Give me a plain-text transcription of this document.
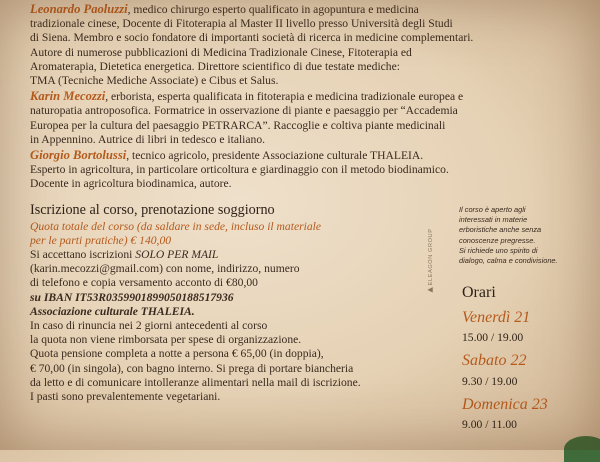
Leonardo Paoluzzi, medico chirurgo esperto qualificato in agopuntura e medicina
tradizionale cinese, Docente di Fitoterapia al Master II livello presso Università degli Studi
di Siena. Membro e socio fondatore di importanti società di ricerca in medicine complementari.
Autore di numerose pubblicazioni di Medicina Tradizionale Cinese, Fitoterapia ed
Aromaterapia, Dietetica energetica. Direttore scientifico di due testate mediche:
TMA (Tecniche Mediche Associate) e Cibus et Salus.
Karin Mecozzi, erborista, esperta qualificata in fitoterapia e medicina tradizionale europea e
naturopatia antroposofica. Formatrice in osservazione di piante e paesaggio per “Accademia
Europea per la cultura del paesaggio PETRARCA”. Raccoglie e coltiva piante medicinali
in Appennino. Autrice di libri in tedesco e italiano.
Giorgio Bortolussi, tecnico agricolo, presidente Associazione culturale THALEIA.
Esperto in agricoltura, in particolare orticoltura e giardinaggio con il metodo biodinamico.
Docente in agricoltura biodinamica, autore.
Iscrizione al corso, prenotazione soggiorno
Quota totale del corso (da saldare in sede, incluso il materiale
per le parti pratiche) € 140,00
Si accettano iscrizioni SOLO PER MAIL
(karin.mecozzi@gmail.com) con nome, indirizzo, numero
di telefono e copia versamento acconto di €80,00
su IBAN IT53R0359901899050188517936
Associazione culturale THALEIA.
In caso di rinuncia nei 2 giorni antecedenti al corso
la quota non viene rimborsata per spese di organizzazione.
Quota pensione completa a notte a persona € 65,00 (in doppia),
€ 70,00 (in singola), con bagno interno. Si prega di portare biancheria
da letto e di comunicare intolleranze alimentari nella mail di iscrizione.
I pasti sono prevalentemente vegetariani.
▶ELEAGON GROUP
Il corso è aperto agli
interessati in materie
erboristiche anche senza
conoscenze pregresse.
Si richiede uno spirito di
dialogo, calma e condivisione.
Orari
Venerdì 21
15.00 / 19.00
Sabato 22
9.30 / 19.00
Domenica 23
9.00 / 11.00
